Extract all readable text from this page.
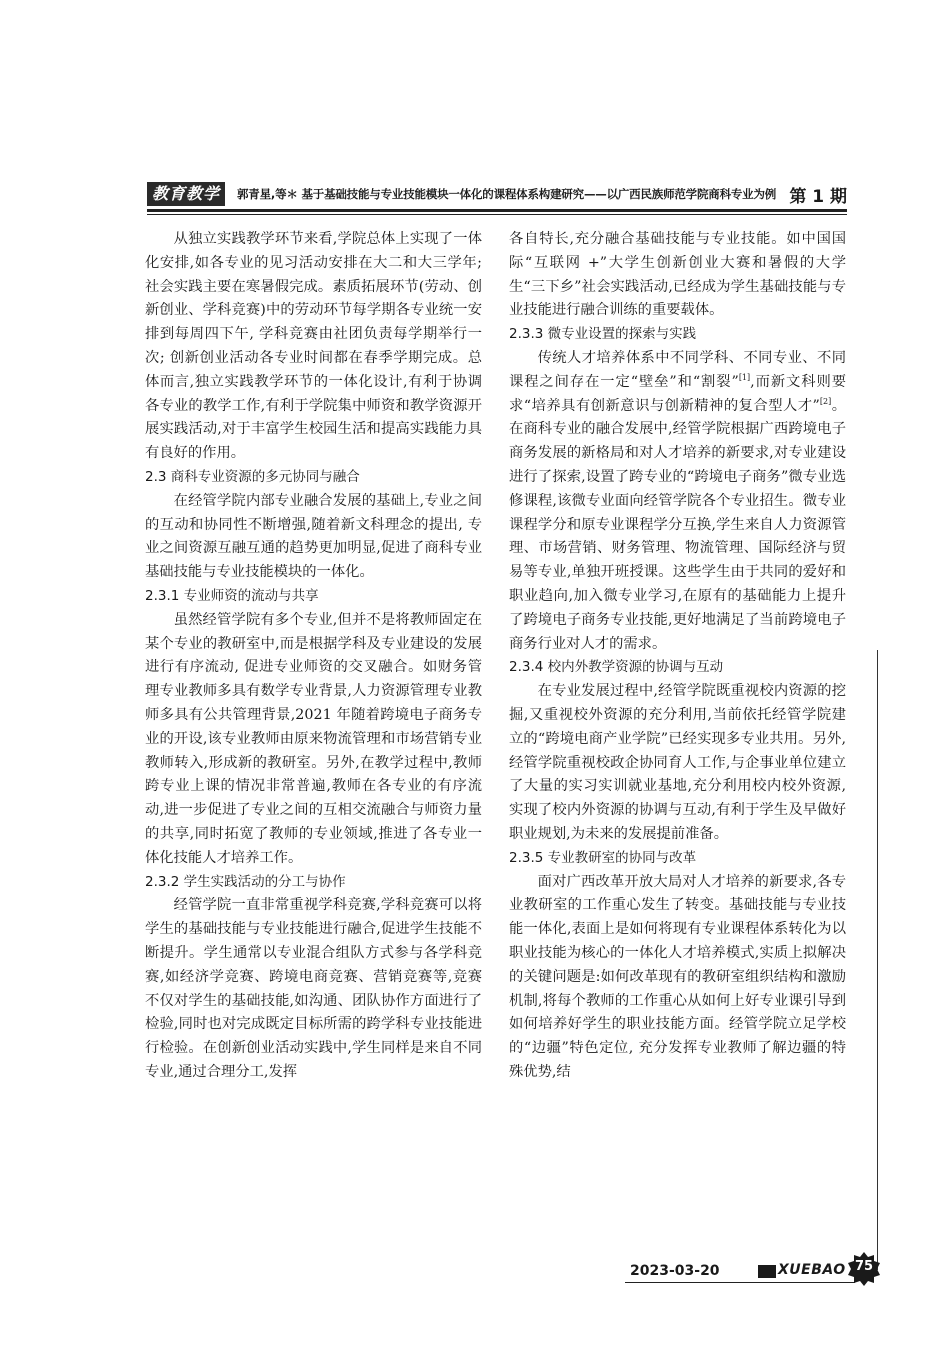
教育教学	郭青星,等＊ 基于基础技能与专业技能模块一体化的课程体系构建研究——以广西民族师范学院商科专业为例 第 1 期

从独立实践教学环节来看,学院总体上实现了一体化安排,如各专业的见习活动安排在大二和大三学年;社会实践主要在寒暑假完成。素质拓展环节(劳动、创新创业、学科竞赛)中的劳动环节每学期各专业统一安排到每周四下午, 学科竞赛由社团负责每学期举行一次; 创新创业活动各专业时间都在春季学期完成。总体而言,独立实践教学环节的一体化设计,有利于协调各专业的教学工作,有利于学院集中师资和教学资源开展实践活动,对于丰富学生校园生活和提高实践能力具有良好的作用。

2.3 商科专业资源的多元协同与融合

在经管学院内部专业融合发展的基础上,专业之间的互动和协同性不断增强,随着新文科理念的提出, 专业之间资源互融互通的趋势更加明显,促进了商科专业基础技能与专业技能模块的一体化。

2.3.1 专业师资的流动与共享

虽然经管学院有多个专业,但并不是将教师固定在某个专业的教研室中,而是根据学科及专业建设的发展进行有序流动, 促进专业师资的交叉融合。如财务管理专业教师多具有数学专业背景,人力资源管理专业教师多具有公共管理背景,2021 年随着跨境电子商务专业的开设,该专业教师由原来物流管理和市场营销专业教师转入,形成新的教研室。另外,在教学过程中,教师跨专业上课的情况非常普遍,教师在各专业的有序流动,进一步促进了专业之间的互相交流融合与师资力量的共享,同时拓宽了教师的专业领域,推进了各专业一体化技能人才培养工作。

2.3.2 学生实践活动的分工与协作

经管学院一直非常重视学科竞赛,学科竞赛可以将学生的基础技能与专业技能进行融合,促进学生技能不断提升。学生通常以专业混合组队方式参与各学科竞赛,如经济学竞赛、跨境电商竞赛、营销竞赛等,竞赛不仅对学生的基础技能,如沟通、团队协作方面进行了检验,同时也对完成既定目标所需的跨学科专业技能进行检验。在创新创业活动实践中,学生同样是来自不同专业,通过合理分工,发挥

各自特长,充分融合基础技能与专业技能。如中国国际“互联网 +”大学生创新创业大赛和暑假的大学生“三下乡”社会实践活动,已经成为学生基础技能与专业技能进行融合训练的重要载体。

2.3.3 微专业设置的探索与实践

传统人才培养体系中不同学科、不同专业、不同课程之间存在一定“壁垒”和“割裂”[1],而新文科则要求“培养具有创新意识与创新精神的复合型人才”[2]。在商科专业的融合发展中,经管学院根据广西跨境电子商务发展的新格局和对人才培养的新要求,对专业建设进行了探索,设置了跨专业的“跨境电子商务”微专业选修课程,该微专业面向经管学院各个专业招生。微专业课程学分和原专业课程学分互换,学生来自人力资源管理、市场营销、财务管理、物流管理、国际经济与贸易等专业,单独开班授课。这些学生由于共同的爱好和职业趋向,加入微专业学习,在原有的基础能力上提升了跨境电子商务专业技能,更好地满足了当前跨境电子商务行业对人才的需求。

2.3.4 校内外教学资源的协调与互动

在专业发展过程中,经管学院既重视校内资源的挖掘,又重视校外资源的充分利用,当前依托经管学院建立的“跨境电商产业学院”已经实现多专业共用。另外,经管学院重视校政企协同育人工作,与企事业单位建立了大量的实习实训就业基地,充分利用校内校外资源,实现了校内外资源的协调与互动,有利于学生及早做好职业规划,为未来的发展提前准备。

2.3.5 专业教研室的协同与改革

面对广西改革开放大局对人才培养的新要求,各专业教研室的工作重心发生了转变。基础技能与专业技能一体化,表面上是如何将现有专业课程体系转化为以职业技能为核心的一体化人才培养模式,实质上拟解决的关键问题是:如何改革现有的教研室组织结构和激励机制,将每个教师的工作重心从如何上好专业课引导到如何培养好学生的职业技能方面。经管学院立足学校的“边疆”特色定位, 充分发挥专业教师了解边疆的特殊优势,结

2023-03-20	XUEBAO 75
